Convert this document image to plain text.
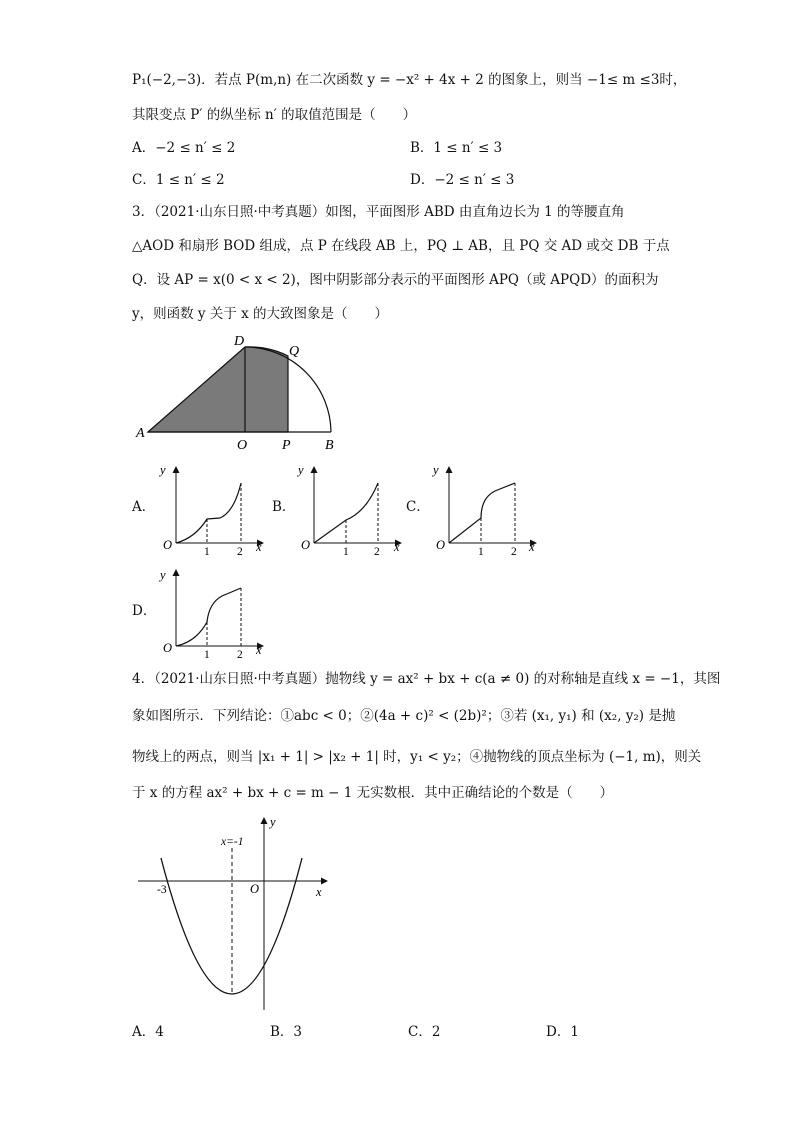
P₁(−2,−3)．若点 P(m,n) 在二次函数 y = −x² + 4x + 2 的图象上，则当 −1≤ m ≤3时，
其限变点 P′ 的纵坐标 n′ 的取值范围是（　　）
A．−2 ≤ n′ ≤ 2	B．1 ≤ n′ ≤ 3
C．1 ≤ n′ ≤ 2	D．−2 ≤ n′ ≤ 3
3．（2021·山东日照·中考真题）如图，平面图形 ABD 由直角边长为 1 的等腰直角
△AOD 和扇形 BOD 组成，点 P 在线段 AB 上，PQ ⊥ AB，且 PQ 交 AD 或交 DB 于点
Q．设 AP = x(0 < x < 2)，图中阴影部分表示的平面图形 APQ（或 APQD）的面积为
y，则函数 y 关于 x 的大致图象是（　　）
A
D
Q
O P B
A．	B．	C．
D．
y
x
O	1 2
y
x
O	1 2
y
x
O	1 2
y
x
O	1 2
4．（2021·山东日照·中考真题）抛物线 y = ax² + bx + c(a ≠ 0) 的对称轴是直线 x = −1，其图
象如图所示．下列结论：①abc < 0；②(4a + c)² < (2b)²；③若 (x₁, y₁) 和 (x₂, y₂) 是抛
物线上的两点，则当 |x₁ + 1| > |x₂ + 1| 时，y₁ < y₂；④抛物线的顶点坐标为 (−1, m)，则关
于 x 的方程 ax² + bx + c = m − 1 无实数根．其中正确结论的个数是（　　）
x=-1
y
x
O
-3
A．4	B．3	C．2	D．1
